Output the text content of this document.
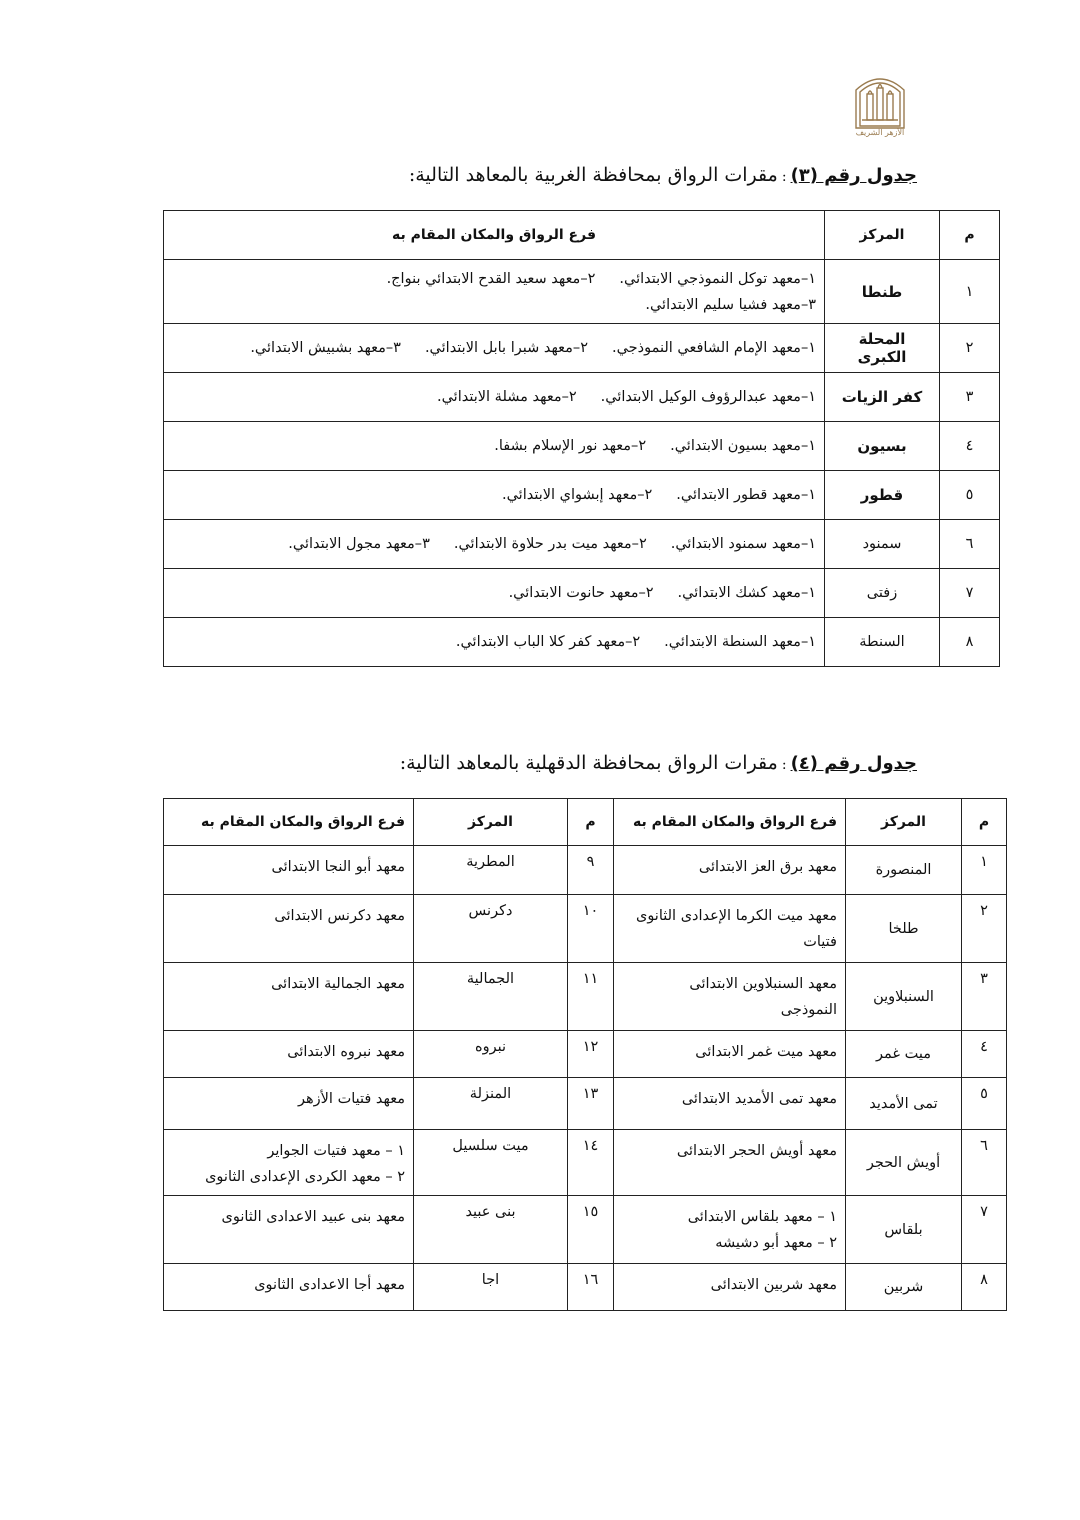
الأزهر الشريف
جدول رقم (٣):مقرات الرواق بمحافظة الغربية بالمعاهد التالية:
م	المركز	فرع الرواق والمكان المقام به
١	طنطا	١–معهد توكل النموذجي الابتدائي.٢–معهد سعيد القدح الابتدائي بنواج.
٣–معهد فشيا سليم الابتدائي.

٢	المحلة الكبرى	١–معهد الإمام الشافعي النموذجي.٢–معهد شبرا بابل الابتدائي.٣–معهد بشبيش الابتدائي.

٣	كفر الزيات	١–معهد عبدالرؤوف الوكيل الابتدائي.٢–معهد مشلة الابتدائي.

٤	بسيون	١–معهد بسيون الابتدائي.٢–معهد نور الإسلام بشفا.

٥	قطور	١–معهد قطور الابتدائي.٢–معهد إبشواي الابتدائي.

٦	سمنود	١–معهد سمنود الابتدائي.٢–معهد ميت بدر حلاوة الابتدائي.٣–معهد مجول الابتدائي.

٧	زفتى	١–معهد كشك الابتدائي.٢–معهد حانوت الابتدائي.

٨	السنطة	١–معهد السنطة الابتدائي.٢–معهد كفر كلا الباب الابتدائي.
جدول رقم (٤):مقرات الرواق بمحافظة الدقهلية بالمعاهد التالية:
م	المركز	فرع الرواق والمكان المقام به	م	المركز	فرع الرواق والمكان المقام به
١	المنصورة	معهد برق العز الابتدائى	٩	المطرية	معهد أبو النجا الابتدائى

٢	طلخا	معهد ميت الكرما الإعدادى الثانوى
فتيات	١٠	دكرنس	معهد دكرنس الابتدائى

٣	السنبلاوين	معهد السنبلاوين الابتدائى
النموذجى	١١	الجمالية	معهد الجمالية الابتدائى

٤	ميت غمر	معهد ميت غمر الابتدائى	١٢	نبروه	معهد نبروه الابتدائى

٥	تمى الأمديد	معهد تمى الأمديد الابتدائى	١٣	المنزلة	معهد فتيات الأزهر

٦	أويش الحجر	معهد أويش الحجر الابتدائى	١٤	ميت سلسيل	١ – معهد فتيات الجواير
٢ – معهد الكردى الإعدادى الثانوى

٧	بلقاس	١ – معهد بلقاس الابتدائى
٢ – معهد أبو دشيشه	١٥	بنى عبيد	معهد بنى عبيد الاعدادى الثانوى

٨	شربين	معهد شربين الابتدائى	١٦	اجا	معهد أجا الاعدادى الثانوى
